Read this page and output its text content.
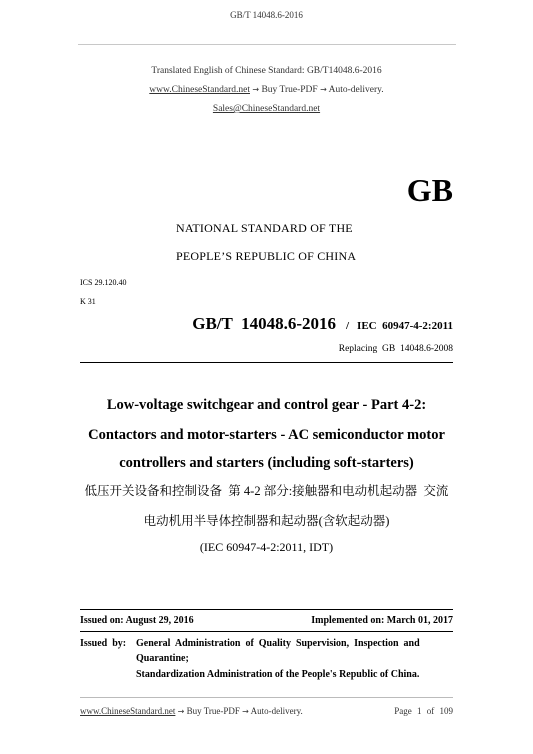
GB/T 14048.6-2016
Translated English of Chinese Standard: GB/T14048.6-2016
www.ChineseStandard.net → Buy True-PDF → Auto-delivery.
Sales@ChineseStandard.net
GB
NATIONAL STANDARD OF THE
PEOPLE’S REPUBLIC OF CHINA
ICS 29.120.40
K 31
GB/T  14048.6-2016 / IEC  60947-4-2:2011
Replacing  GB  14048.6-2008
Low-voltage switchgear and control gear - Part 4-2:
Contactors and motor-starters - AC semiconductor motor
controllers and starters (including soft-starters)
低压开关设备和控制设备  第 4-2 部分:接触器和电动机起动器  交流
电动机用半导体控制器和起动器(含软起动器)
(IEC 60947-4-2:2011, IDT)
Issued on: August 29, 2016	Implemented on: March 01, 2017
Issued  by: General  Administration  of  Quality  Supervision,  Inspection  and
Quarantine;
Standardization Administration of the People's Republic of China.
www.ChineseStandard.net → Buy True-PDF → Auto-delivery.	Page 1 of 109
